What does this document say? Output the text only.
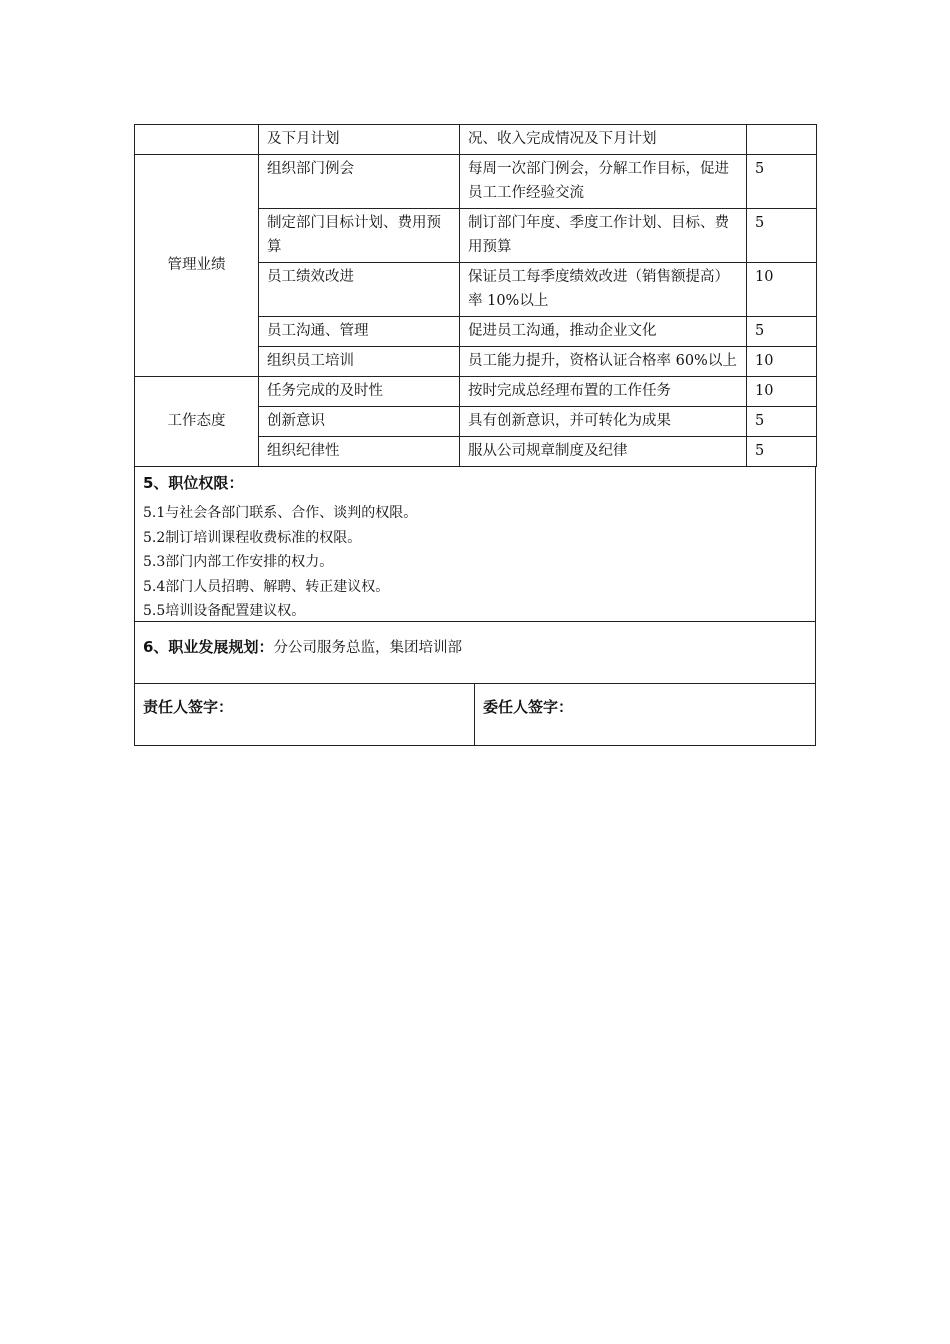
	及下月计划	况、收入完成情况及下月计划	
管理业绩	组织部门例会	每周一次部门例会，分解工作目标，促进员工工作经验交流	5
	制定部门目标计划、费用预算	制订部门年度、季度工作计划、目标、费用预算	5
	员工绩效改进	保证员工每季度绩效改进（销售额提高）率 10%以上	10
	员工沟通、管理	促进员工沟通，推动企业文化	5
	组织员工培训	员工能力提升，资格认证合格率 60%以上	10
工作态度	任务完成的及时性	按时完成总经理布置的工作任务	10
	创新意识	具有创新意识，并可转化为成果	5
	组织纪律性	服从公司规章制度及纪律	5
5、职位权限：
5.1与社会各部门联系、合作、谈判的权限。
5.2制订培训课程收费标准的权限。
5.3部门内部工作安排的权力。
5.4部门人员招聘、解聘、转正建议权。
5.5培训设备配置建议权。
6、职业发展规划：分公司服务总监，集团培训部
责任人签字：	委任人签字：
